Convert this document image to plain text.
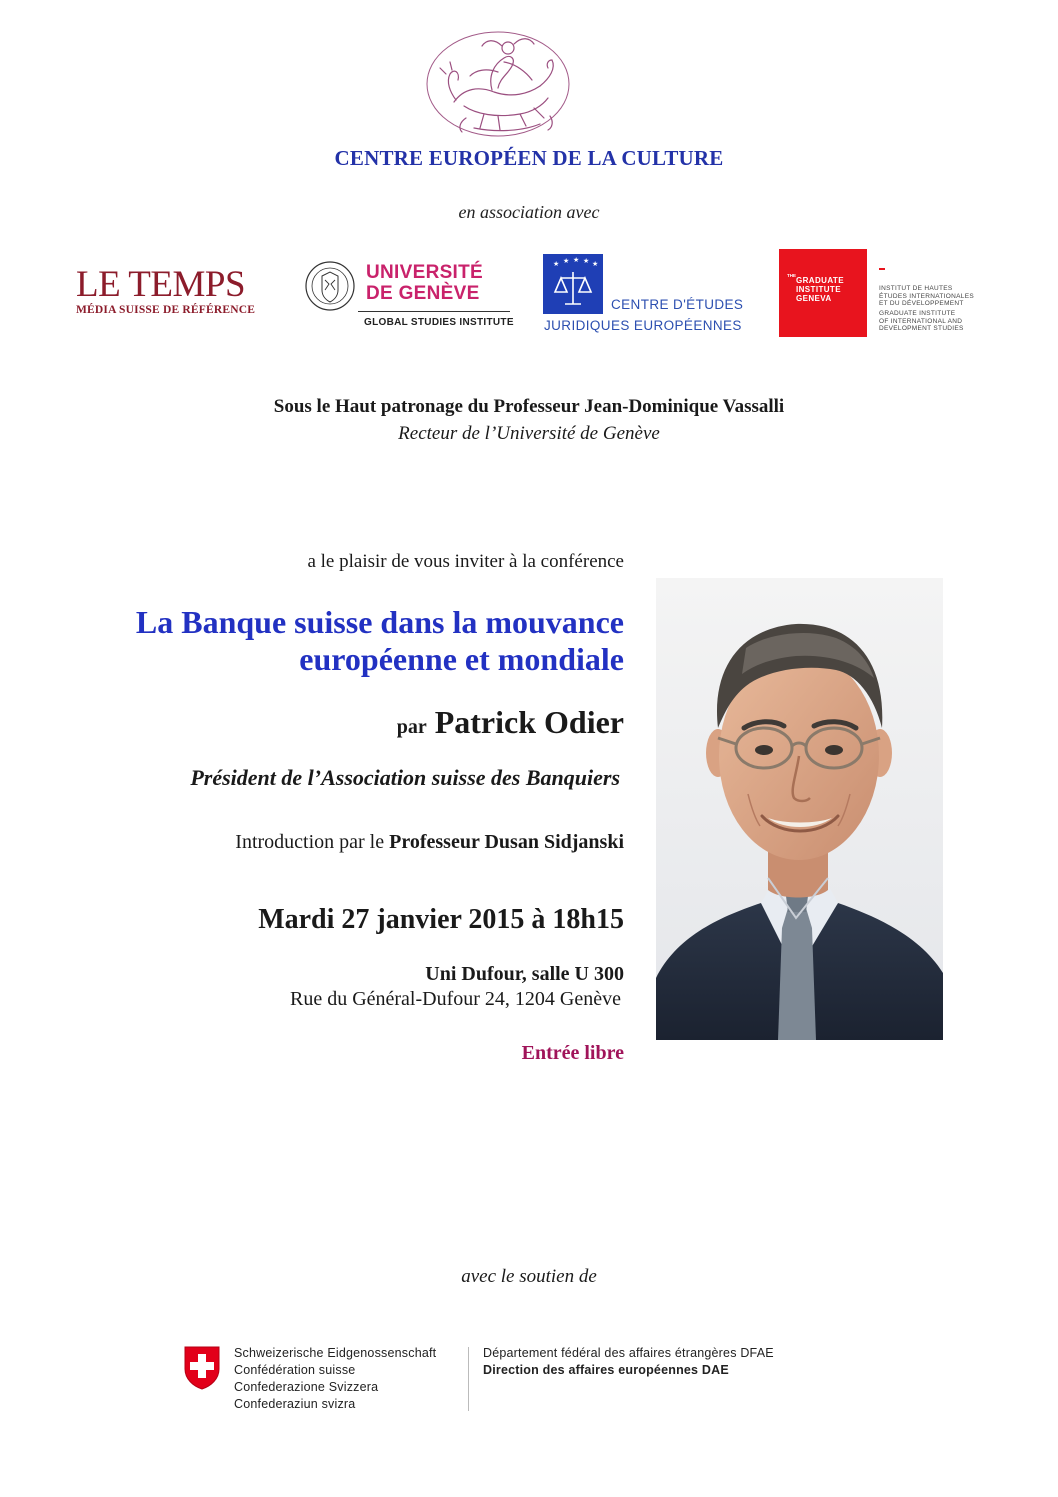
CENTRE EUROPÉEN DE LA CULTURE
en association avec
LE TEMPS
MÉDIA SUISSE DE RÉFÉRENCE
UNIVERSITÉ
DE GENÈVE
GLOBAL STUDIES INSTITUTE
★ ★ ★ ★ ★
CENTRE D'ÉTUDES
JURIDIQUES EUROPÉENNES
THE
GRADUATE
INSTITUTE
GENEVA
INSTITUT DE HAUTES
ÉTUDES INTERNATIONALES
ET DU DÉVELOPPEMENT
GRADUATE INSTITUTE
OF INTERNATIONAL AND
DEVELOPMENT STUDIES
Sous le Haut patronage du Professeur Jean-Dominique Vassalli
Recteur de l’Université de Genève
a le plaisir de vous inviter à la conférence
La Banque suisse dans la mouvance
européenne et mondiale
par Patrick Odier
Président de l’Association suisse des Banquiers
Introduction par le Professeur Dusan Sidjanski
Mardi 27 janvier 2015 à 18h15
Uni Dufour, salle U 300
Rue du Général-Dufour 24, 1204 Genève
Entrée libre
avec le soutien de
Schweizerische Eidgenossenschaft
Confédération suisse
Confederazione Svizzera
Confederaziun svizra
Département fédéral des affaires étrangères DFAE
Direction des affaires européennes DAE
